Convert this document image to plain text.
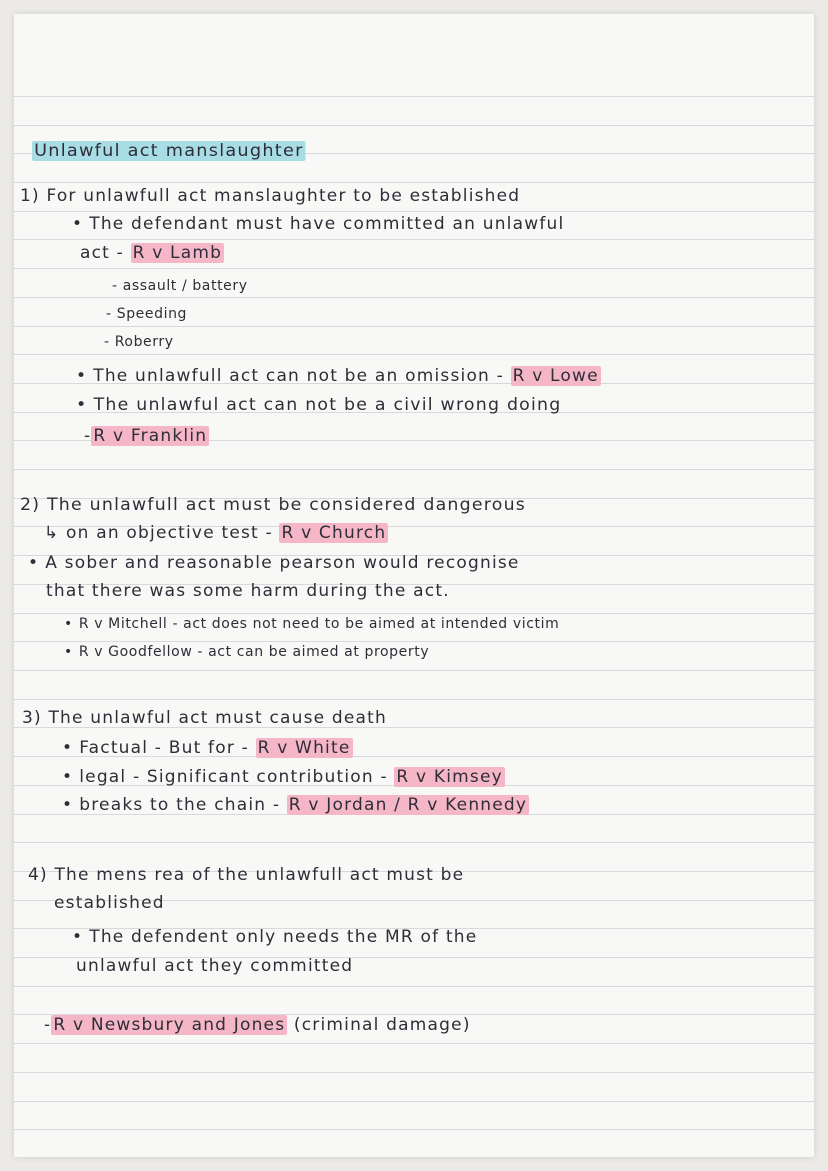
Unlawful act manslaughter
1) For unlawfull act manslaughter to be established
• The defendant must have committed an unlawful
act - R v Lamb
- assault / battery
- Speeding
- Roberry
• The unlawfull act can not be an omission - R v Lowe
• The unlawful act can not be a civil wrong doing
- R v Franklin
2) The unlawfull act must be considered dangerous
↳ on an objective test - R v Church
• A sober and reasonable pearson would recognise
that there was some harm during the act.
• R v Mitchell - act does not need to be aimed at intended victim
• R v Goodfellow - act can be aimed at property
3) The unlawful act must cause death
• Factual - But for - R v White
• legal - Significant contribution - R v Kimsey
• breaks to the chain - R v Jordan / R v Kennedy
4) The mens rea of the unlawfull act must be
established
• The defendent only needs the MR of the
unlawful act they committed
- R v Newsbury and Jones (criminal damage)
